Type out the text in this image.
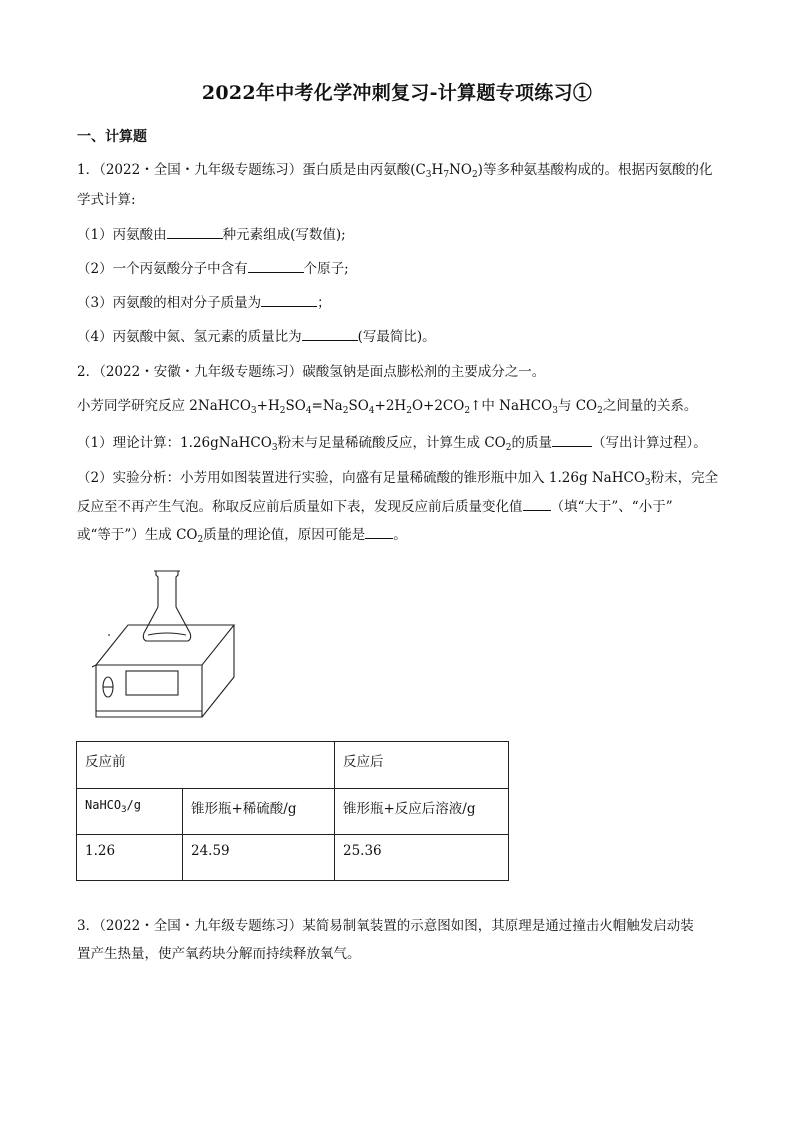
2022年中考化学冲刺复习-计算题专项练习①
一、计算题
1．（2022・全国・九年级专题练习）蛋白质是由丙氨酸$(C_3H_7NO_2)$等多种氨基酸构成的。根据丙氨酸的化
学式计算:
（1）丙氨酸由	种元素组成(写数值);
（2）一个丙氨酸分子中含有	个原子;
（3）丙氨酸的相对分子质量为	；
（4）丙氨酸中氮、氢元素的质量比为	(写最简比)。
2．（2022・安徽・九年级专题练习）碳酸氢钠是面点膨松剂的主要成分之一。
小芳同学研究反应 $2NaHCO_3+H_2SO_4=Na_2SO_4+2H_2O+2CO_2↑$中 NaHCO$_3$与 $CO_2$之间量的关系。
（1）理论计算：1.26gNaHCO$_3$粉末与足量稀硫酸反应，计算生成 $CO_2$的质量	（写出计算过程）。
（2）实验分析：小芳用如图装置进行实验，向盛有足量稀硫酸的锥形瓶中加入 1.26g NaHCO$_3$粉末，完全
反应至不再产生气泡。称取反应前后质量如下表，发现反应前后质量变化值 （填“大于”、“小于”
或“等于”）生成 $CO_2$质量的理论值，原因可能是 。
反应前		反应后
NaHCO$_3$/g	锥形瓶+稀硫酸/g	锥形瓶+反应后溶液/g
1.26	24.59	25.36
3．（2022・全国・九年级专题练习）某简易制氧装置的示意图如图，其原理是通过撞击火帽触发启动装
置产生热量，使产氧药块分解而持续释放氧气。
